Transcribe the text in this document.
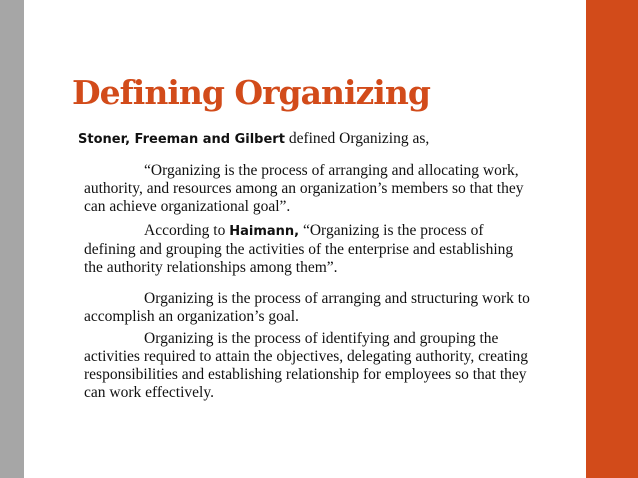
Defining Organizing

Stoner, Freeman and Gilbert defined Organizing as,

“Organizing is the process of arranging and allocating work, authority, and resources among an organization’s members so that they can achieve organizational goal”.

According to Haimann, “Organizing is the process of defining and grouping the activities of the enterprise and establishing the authority relationships among them”.

Organizing is the process of arranging and structuring work to accomplish an organization’s goal.

Organizing is the process of identifying and grouping the activities required to attain the objectives, delegating authority, creating responsibilities and establishing relationship for employees so that they can work effectively.
